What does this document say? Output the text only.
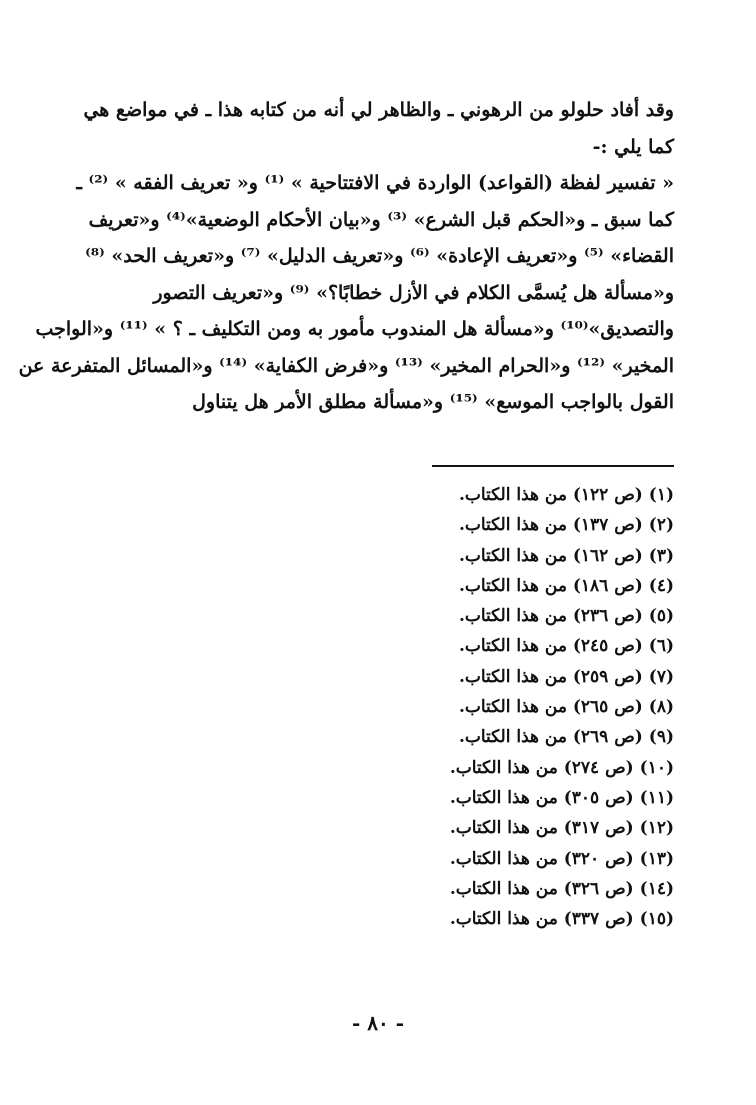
وقد أفاد حلولو من الرهوني ـ والظاهر لي أنه من كتابه هذا ـ في مواضع هي
كما يلي :-
« تفسير لفظة (القواعد) الواردة في الافتتاحية » ⁽¹⁾ و« تعريف الفقه » ⁽²⁾ ـ
كما سبق ـ و«الحكم قبل الشرع» ⁽³⁾ و«بيان الأحكام الوضعية»⁽⁴⁾ و«تعريف
القضاء» ⁽⁵⁾ و«تعريف الإعادة» ⁽⁶⁾ و«تعريف الدليل» ⁽⁷⁾ و«تعريف الحد» ⁽⁸⁾
و«مسألة هل يُسمَّى الكلام في الأزل خطابًا؟» ⁽⁹⁾ و«تعريف التصور
والتصديق»⁽¹⁰⁾ و«مسألة هل المندوب مأمور به ومن التكليف ـ ؟ » ⁽¹¹⁾ و«الواجب
المخير» ⁽¹²⁾ و«الحرام المخير» ⁽¹³⁾ و«فرض الكفاية» ⁽¹⁴⁾ و«المسائل المتفرعة عن
القول بالواجب الموسع» ⁽¹⁵⁾ و«مسألة مطلق الأمر هل يتناول
(١) (ص ١٢٢) من هذا الكتاب.
(٢) (ص ١٣٧) من هذا الكتاب.
(٣) (ص ١٦٢) من هذا الكتاب.
(٤) (ص ١٨٦) من هذا الكتاب.
(٥) (ص ٢٣٦) من هذا الكتاب.
(٦) (ص ٢٤٥) من هذا الكتاب.
(٧) (ص ٢٥٩) من هذا الكتاب.
(٨) (ص ٢٦٥) من هذا الكتاب.
(٩) (ص ٢٦٩) من هذا الكتاب.
(١٠) (ص ٢٧٤) من هذا الكتاب.
(١١) (ص ٣٠٥) من هذا الكتاب.
(١٢) (ص ٣١٧) من هذا الكتاب.
(١٣) (ص ٣٢٠) من هذا الكتاب.
(١٤) (ص ٣٢٦) من هذا الكتاب.
(١٥) (ص ٣٣٧) من هذا الكتاب.
- ٨٠ -
